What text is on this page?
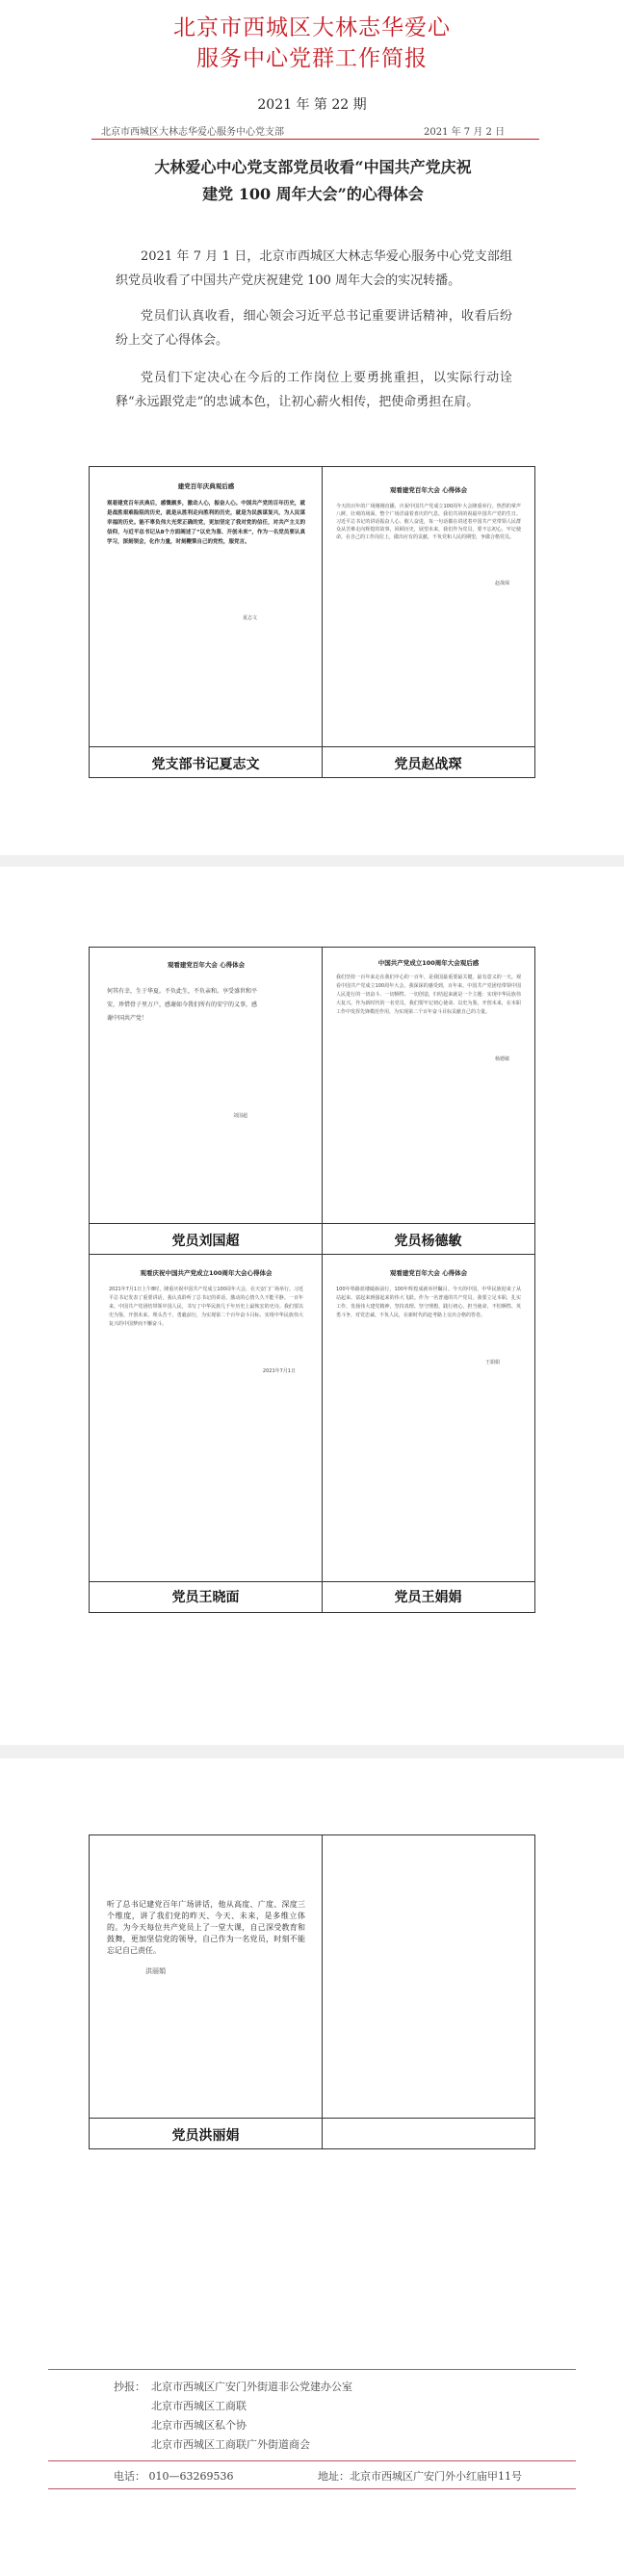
北京市西城区大林志华爱心
服务中心党群工作简报
2021 年 第 22 期
北京市西城区大林志华爱心服务中心党支部	2021 年 7 月 2 日
大林爱心中心党支部党员收看“中国共产党庆祝
建党 100 周年大会”的心得体会
2021 年 7 月 1 日，北京市西城区大林志华爱心服务中心党支部组织党员收看了中国共产党庆祝建党 100 周年大会的实况转播。
党员们认真收看，细心领会习近平总书记重要讲话精神，收看后纷纷上交了心得体会。
党员们下定决心在今后的工作岗位上要勇挑重担，以实际行动诠释“永远跟党走”的忠诚本色，让初心薪火相传，把使命勇担在肩。
建党百年庆典观后感
观看建党百年庆典后，感慨颇多，激动人心，振奋人心。中国共产党的百年历史，就是战胜艰难险阻的历史，就是从胜利走向胜利的历史，就是为民族谋复兴，为人民谋幸福的历史。能不辜负伟大光荣正确的党，更加坚定了我对党的信任，对共产主义的信仰，与近平总书记从8个方面阐述了“以史为鉴、开创未来”，作为一名党员要认真学习，深刻领会，化作力量，时刻鞭策自己的党性，服党言。
夏志文
党支部书记夏志文
观看建党百年大会 心得体会
今天的百年的广场刚刚直播，庆祝中国共产党成立100周年大会隆重举行。热烈的掌声八鲜，壮观的场面，整个广场洋溢着喜庆的气息，我们共同的祝福中国共产党的生日。习近平总书记的讲话振奋人心、催人奋进，每一句话都在讲述着中国共产党带领人民群众从苦难走向辉煌的故事，回顾历史，展望未来，我们作为党员，要不忘初心，牢记使命，在自己的工作岗位上，做出应有的贡献，不负党和人民的期望，争做合格党员。
赵战琛
党员赵战琛
观看建党百年大会 心得体会
何其有幸，生于华夏。不负此生，不负亲和。享受盛世和平安，珍惜骨子里万户，感谢如今我们所有的安宁的义事，感谢中国共产党！
刘国超
党员刘国超
中国共产党成立100周年大会观后感
我们坚持一百年来走在我们中心的一百年，是我国最重要最关键，最有意义的一天。观看中国共产党成立100周年大会，我深深的感受到，百年来，中国共产党团结带领中国人民进行的一切奋斗、一切牺牲、一切创造，归结起来就是一个主题：实现中华民族伟大复兴。作为新时代的一名党员，我们要牢记初心使命，以史为鉴，开创未来，在本职工作中发挥先锋模范作用，为实现第二个百年奋斗目标贡献自己的力量。
杨德敏
党员杨德敏
观看庆祝中国共产党成立100周年大会心得体会
2021年7月1日上午8时，隆重庆祝中国共产党成立100周年大会，在天安门广场举行。习近平总书记发表了重要讲话，我认真聆听了总书记的讲话，激动的心情久久不能平静。一百年来，中国共产党团结带领中国人民，书写了中华民族几千年历史上最恢宏的史诗。我们要以史为鉴，开创未来，埋头苦干，勇毅前行，为实现第二个百年奋斗目标、实现中华民族伟大复兴的中国梦而不懈奋斗。
2021年7月1日
党员王晓面
观看建党百年大会 心得体会
100年筚路蓝缕砥砺前行，100年辉煌成就举世瞩目。今天的中国，中华民族迎来了从站起来、富起来到强起来的伟大飞跃。作为一名普通的共产党员，我要立足本职，扎实工作，发扬伟大建党精神，坚持真理、坚守理想，践行初心、担当使命，不怕牺牲、英勇斗争，对党忠诚、不负人民，在新时代的赶考路上交出合格的答卷。
王娟娟
党员王娟娟
听了总书记建党百年广场讲话，他从高度、广度、深度三个维度，讲了我们党的昨天、今天、未来，是多维立体的。为今天每位共产党员上了一堂大课，自己深受教育和鼓舞，更加坚信党的领导，自己作为一名党员，时刻不能忘记自己责任。
洪丽娟
党员洪丽娟
抄报： 北京市西城区广安门外街道非公党建办公室
北京市西城区工商联
北京市西城区私个协
北京市西城区工商联广外街道商会
电话： 010—63269536	地址：北京市西城区广安门外小红庙甲11号
